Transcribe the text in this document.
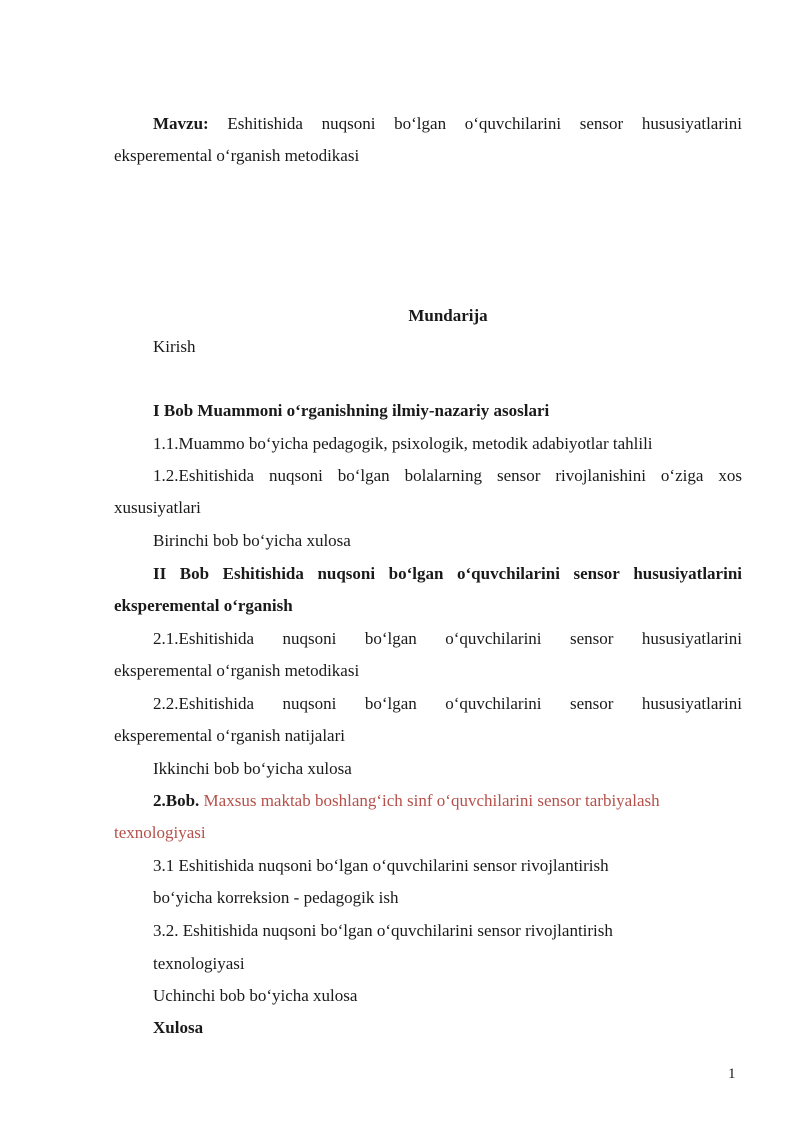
Mavzu: Eshitishida nuqsoni bo‘lgan o‘quvchilarini sensor hususiyatlarini
eksperemental o‘rganish metodikasi
Mundarija
Kirish
I Bob Muammoni o‘rganishning ilmiy-nazariy asoslari
1.1.Muammo bo‘yicha pedagogik, psixologik, metodik adabiyotlar tahlili
1.2.Eshitishida nuqsoni bo‘lgan bolalarning sensor rivojlanishini o‘ziga xos
xususiyatlari
Birinchi bob bo‘yicha xulosa
II Bob Eshitishida nuqsoni bo‘lgan o‘quvchilarini sensor hususiyatlarini
eksperemental o‘rganish
2.1.Eshitishida nuqsoni bo‘lgan o‘quvchilarini sensor hususiyatlarini
eksperemental o‘rganish metodikasi
2.2.Eshitishida nuqsoni bo‘lgan o‘quvchilarini sensor hususiyatlarini
eksperemental o‘rganish natijalari
Ikkinchi bob bo‘yicha xulosa
2.Bob. Maxsus maktab boshlang‘ich sinf o‘quvchilarini sensor tarbiyalash
texnologiyasi
3.1 Eshitishida nuqsoni bo‘lgan o‘quvchilarini sensor rivojlantirish
bo‘yicha korreksion - pedagogik ish
3.2. Eshitishida nuqsoni bo‘lgan o‘quvchilarini sensor rivojlantirish
texnologiyasi
Uchinchi bob bo‘yicha xulosa
Xulosa
1
